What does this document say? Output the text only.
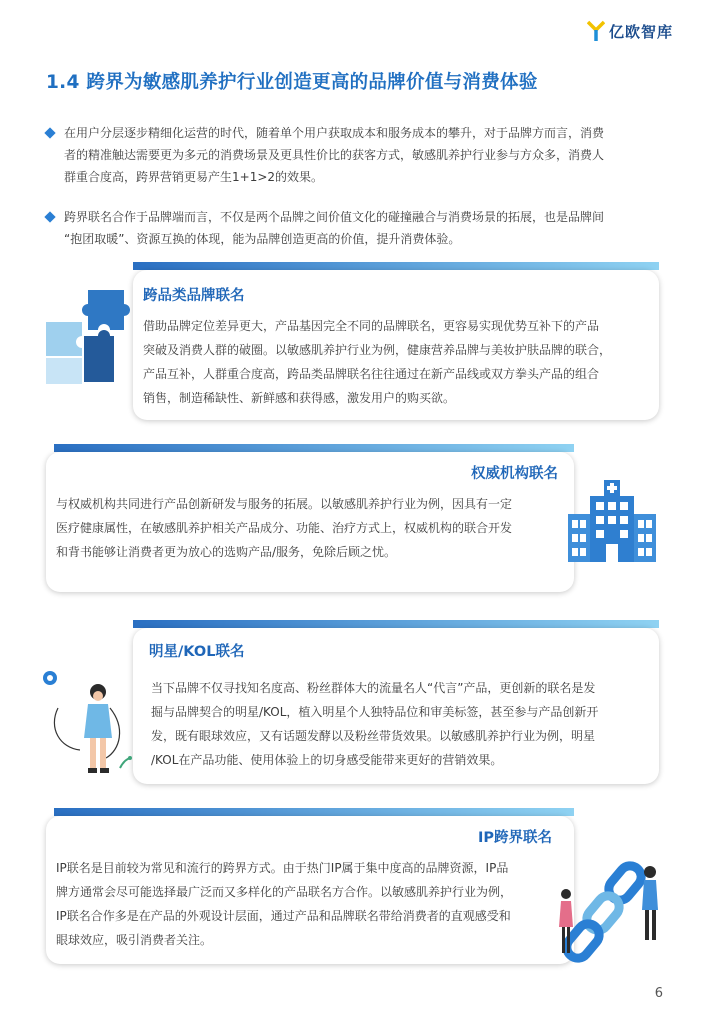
亿欧智库
1.4 跨界为敏感肌养护行业创造更高的品牌价值与消费体验
在用户分层逐步精细化运营的时代，随着单个用户获取成本和服务成本的攀升，对于品牌方而言，消费
者的精准触达需要更为多元的消费场景及更具性价比的获客方式，敏感肌养护行业参与方众多，消费人
群重合度高，跨界营销更易产生1+1>2的效果。
跨界联名合作于品牌端而言，不仅是两个品牌之间价值文化的碰撞融合与消费场景的拓展，也是品牌间
“抱团取暖”、资源互换的体现，能为品牌创造更高的价值，提升消费体验。
跨品类品牌联名
借助品牌定位差异更大，产品基因完全不同的品牌联名，更容易实现优势互补下的产品
突破及消费人群的破圈。以敏感肌养护行业为例，健康营养品牌与美妆护肤品牌的联合，
产品互补，人群重合度高，跨品类品牌联名往往通过在新产品线或双方拳头产品的组合
销售，制造稀缺性、新鲜感和获得感，激发用户的购买欲。
权威机构联名
与权威机构共同进行产品创新研发与服务的拓展。以敏感肌养护行业为例，因具有一定
医疗健康属性，在敏感肌养护相关产品成分、功能、治疗方式上，权威机构的联合开发
和背书能够让消费者更为放心的选购产品/服务，免除后顾之忧。
明星/KOL联名
当下品牌不仅寻找知名度高、粉丝群体大的流量名人“代言”产品，更创新的联名是发
掘与品牌契合的明星/KOL，植入明星个人独特品位和审美标签，甚至参与产品创新开
发，既有眼球效应，又有话题发酵以及粉丝带货效果。以敏感肌养护行业为例，明星
/KOL在产品功能、使用体验上的切身感受能带来更好的营销效果。
IP跨界联名
IP联名是目前较为常见和流行的跨界方式。由于热门IP属于集中度高的品牌资源，IP品
牌方通常会尽可能选择最广泛而又多样化的产品联名方合作。以敏感肌养护行业为例，
IP联名合作多是在产品的外观设计层面，通过产品和品牌联名带给消费者的直观感受和
眼球效应，吸引消费者关注。
6
